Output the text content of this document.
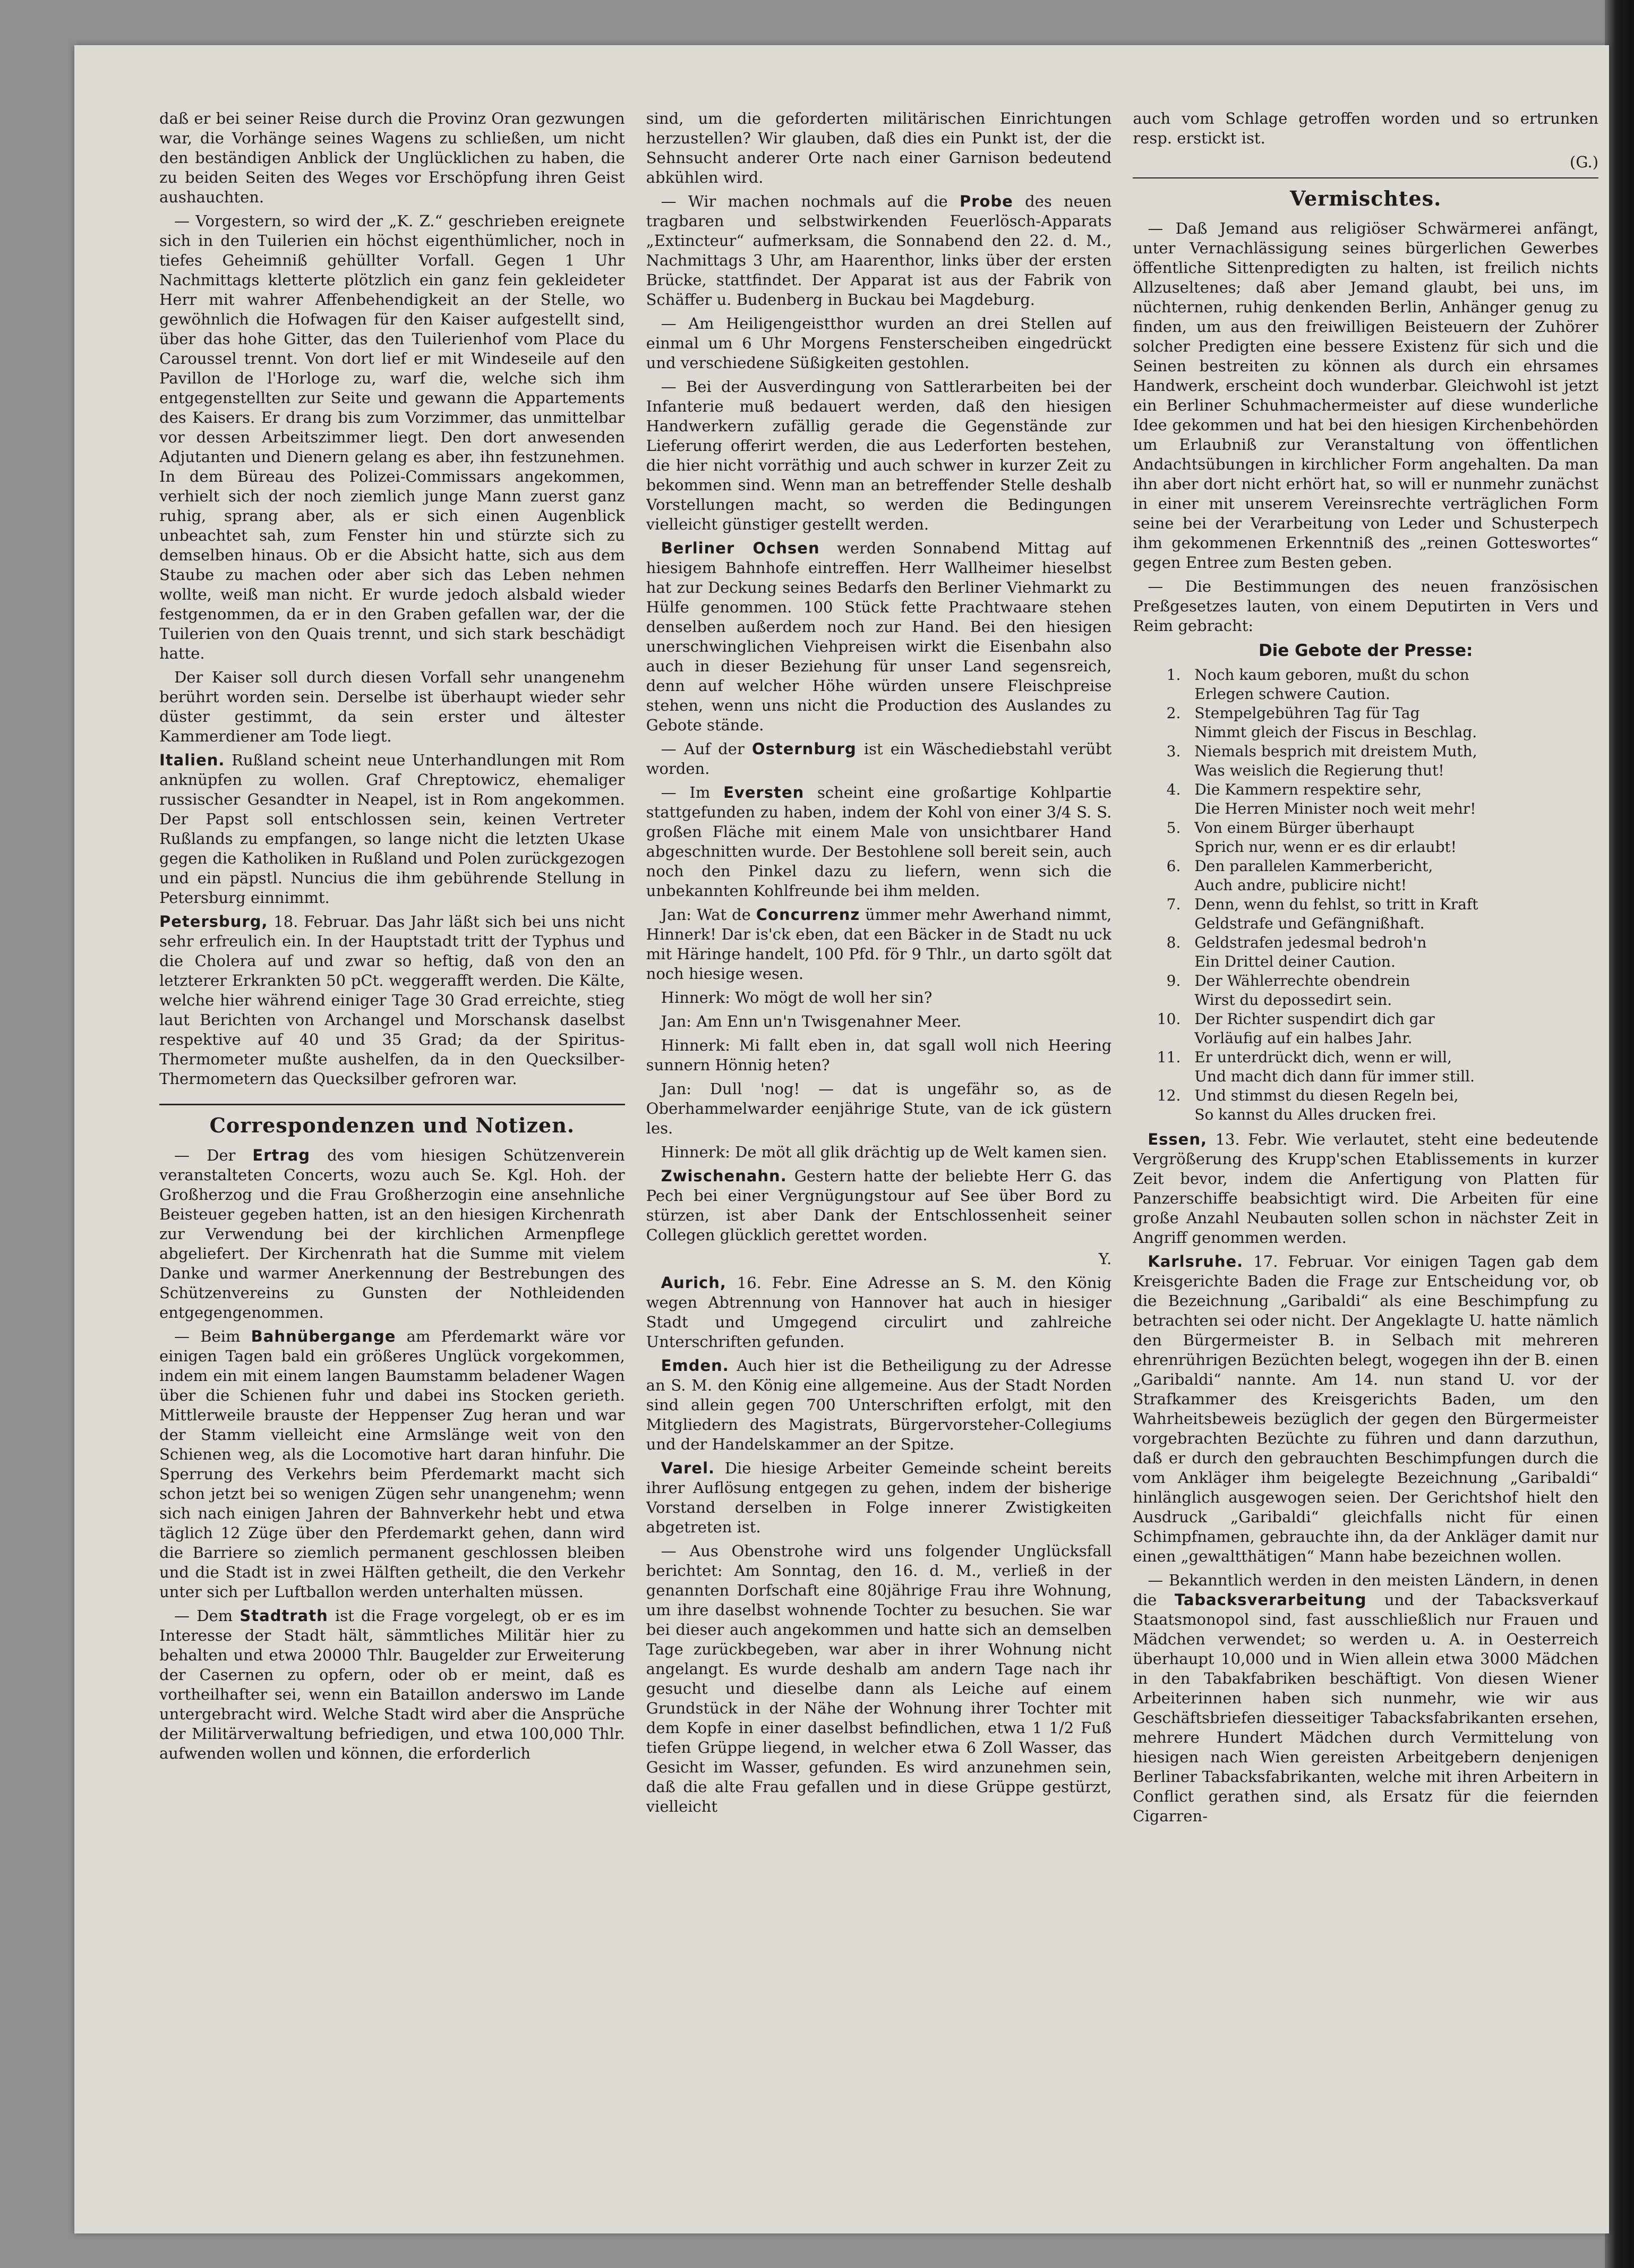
daß er bei seiner Reise durch die Provinz Oran gezwungen war, die Vorhänge seines Wagens zu schließen, um nicht den beständigen Anblick der Unglücklichen zu haben, die zu beiden Seiten des Weges vor Erschöpfung ihren Geist aushauchten.

— Vorgestern, so wird der „K. Z.“ geschrieben ereignete sich in den Tuilerien ein höchst eigenthümlicher, noch in tiefes Geheimniß gehüllter Vorfall. Gegen 1 Uhr Nachmittags kletterte plötzlich ein ganz fein gekleideter Herr mit wahrer Affenbehendigkeit an der Stelle, wo gewöhnlich die Hofwagen für den Kaiser aufgestellt sind, über das hohe Gitter, das den Tuilerienhof vom Place du Caroussel trennt. Von dort lief er mit Windeseile auf den Pavillon de l'Horloge zu, warf die, welche sich ihm entgegenstellten zur Seite und gewann die Appartements des Kaisers. Er drang bis zum Vorzimmer, das unmittelbar vor dessen Arbeitszimmer liegt. Den dort anwesenden Adjutanten und Dienern gelang es aber, ihn festzunehmen. In dem Büreau des Polizei-Commissars angekommen, verhielt sich der noch ziemlich junge Mann zuerst ganz ruhig, sprang aber, als er sich einen Augenblick unbeachtet sah, zum Fenster hin und stürzte sich zu demselben hinaus. Ob er die Absicht hatte, sich aus dem Staube zu machen oder aber sich das Leben nehmen wollte, weiß man nicht. Er wurde jedoch alsbald wieder festgenommen, da er in den Graben gefallen war, der die Tuilerien von den Quais trennt, und sich stark beschädigt hatte.

Der Kaiser soll durch diesen Vorfall sehr unangenehm berührt worden sein. Derselbe ist überhaupt wieder sehr düster gestimmt, da sein erster und ältester Kammerdiener am Tode liegt.

Italien. Rußland scheint neue Unterhandlungen mit Rom anknüpfen zu wollen. Graf Chreptowicz, ehemaliger russischer Gesandter in Neapel, ist in Rom angekommen. Der Papst soll entschlossen sein, keinen Vertreter Rußlands zu empfangen, so lange nicht die letzten Ukase gegen die Katholiken in Rußland und Polen zurückgezogen und ein päpstl. Nuncius die ihm gebührende Stellung in Petersburg einnimmt.

Petersburg, 18. Februar. Das Jahr läßt sich bei uns nicht sehr erfreulich ein. In der Hauptstadt tritt der Typhus und die Cholera auf und zwar so heftig, daß von den an letzterer Erkrankten 50 pCt. weggerafft werden. Die Kälte, welche hier während einiger Tage 30 Grad erreichte, stieg laut Berichten von Archangel und Morschansk daselbst respektive auf 40 und 35 Grad; da der Spiritus-Thermometer mußte aushelfen, da in den Quecksilber-Thermometern das Quecksilber gefroren war.

Correspondenzen und Notizen.

— Der Ertrag des vom hiesigen Schützenverein veranstalteten Concerts, wozu auch Se. Kgl. Hoh. der Großherzog und die Frau Großherzogin eine ansehnliche Beisteuer gegeben hatten, ist an den hiesigen Kirchenrath zur Verwendung bei der kirchlichen Armenpflege abgeliefert. Der Kirchenrath hat die Summe mit vielem Danke und warmer Anerkennung der Bestrebungen des Schützenvereins zu Gunsten der Nothleidenden entgegengenommen.

— Beim Bahnübergange am Pferdemarkt wäre vor einigen Tagen bald ein größeres Unglück vorgekommen, indem ein mit einem langen Baumstamm beladener Wagen über die Schienen fuhr und dabei ins Stocken gerieth. Mittlerweile brauste der Heppenser Zug heran und war der Stamm vielleicht eine Armslänge weit von den Schienen weg, als die Locomotive hart daran hinfuhr. Die Sperrung des Verkehrs beim Pferdemarkt macht sich schon jetzt bei so wenigen Zügen sehr unangenehm; wenn sich nach einigen Jahren der Bahnverkehr hebt und etwa täglich 12 Züge über den Pferdemarkt gehen, dann wird die Barriere so ziemlich permanent geschlossen bleiben und die Stadt ist in zwei Hälften getheilt, die den Verkehr unter sich per Luftballon werden unterhalten müssen.

— Dem Stadtrath ist die Frage vorgelegt, ob er es im Interesse der Stadt hält, sämmtliches Militär hier zu behalten und etwa 20000 Thlr. Baugelder zur Erweiterung der Casernen zu opfern, oder ob er meint, daß es vortheilhafter sei, wenn ein Bataillon anderswo im Lande untergebracht wird. Welche Stadt wird aber die Ansprüche der Militärverwaltung befriedigen, und etwa 100,000 Thlr. aufwenden wollen und können, die erforderlich

sind, um die geforderten militärischen Einrichtungen herzustellen? Wir glauben, daß dies ein Punkt ist, der die Sehnsucht anderer Orte nach einer Garnison bedeutend abkühlen wird.

— Wir machen nochmals auf die Probe des neuen tragbaren und selbstwirkenden Feuerlösch-Apparats „Extincteur“ aufmerksam, die Sonnabend den 22. d. M., Nachmittags 3 Uhr, am Haarenthor, links über der ersten Brücke, stattfindet. Der Apparat ist aus der Fabrik von Schäffer u. Budenberg in Buckau bei Magdeburg.

— Am Heiligengeistthor wurden an drei Stellen auf einmal um 6 Uhr Morgens Fensterscheiben eingedrückt und verschiedene Süßigkeiten gestohlen.

— Bei der Ausverdingung von Sattlerarbeiten bei der Infanterie muß bedauert werden, daß den hiesigen Handwerkern zufällig gerade die Gegenstände zur Lieferung offerirt werden, die aus Lederforten bestehen, die hier nicht vorräthig und auch schwer in kurzer Zeit zu bekommen sind. Wenn man an betreffender Stelle deshalb Vorstellungen macht, so werden die Bedingungen vielleicht günstiger gestellt werden.

Berliner Ochsen werden Sonnabend Mittag auf hiesigem Bahnhofe eintreffen. Herr Wallheimer hieselbst hat zur Deckung seines Bedarfs den Berliner Viehmarkt zu Hülfe genommen. 100 Stück fette Prachtwaare stehen denselben außerdem noch zur Hand. Bei den hiesigen unerschwinglichen Viehpreisen wirkt die Eisenbahn also auch in dieser Beziehung für unser Land segensreich, denn auf welcher Höhe würden unsere Fleischpreise stehen, wenn uns nicht die Production des Auslandes zu Gebote stände.

— Auf der Osternburg ist ein Wäschediebstahl verübt worden.

— Im Eversten scheint eine großartige Kohlpartie stattgefunden zu haben, indem der Kohl von einer 3/4 S. S. großen Fläche mit einem Male von unsichtbarer Hand abgeschnitten wurde. Der Bestohlene soll bereit sein, auch noch den Pinkel dazu zu liefern, wenn sich die unbekannten Kohlfreunde bei ihm melden.

Jan: Wat de Concurrenz ümmer mehr Awerhand nimmt, Hinnerk! Dar is'ck eben, dat een Bäcker in de Stadt nu uck mit Häringe handelt, 100 Pfd. för 9 Thlr., un darto sgölt dat noch hiesige wesen.

Hinnerk: Wo mögt de woll her sin?

Jan: Am Enn un'n Twisgenahner Meer.

Hinnerk: Mi fallt eben in, dat sgall woll nich Heering sunnern Hönnig heten?

Jan: Dull 'nog! — dat is ungefähr so, as de Oberhammelwarder eenjährige Stute, van de ick güstern les.

Hinnerk: De möt all glik drächtig up de Welt kamen sien.

Zwischenahn. Gestern hatte der beliebte Herr G. das Pech bei einer Vergnügungstour auf See über Bord zu stürzen, ist aber Dank der Entschlossenheit seiner Collegen glücklich gerettet worden.

Y.

Aurich, 16. Febr. Eine Adresse an S. M. den König wegen Abtrennung von Hannover hat auch in hiesiger Stadt und Umgegend circulirt und zahlreiche Unterschriften gefunden.

Emden. Auch hier ist die Betheiligung zu der Adresse an S. M. den König eine allgemeine. Aus der Stadt Norden sind allein gegen 700 Unterschriften erfolgt, mit den Mitgliedern des Magistrats, Bürgervorsteher-Collegiums und der Handelskammer an der Spitze.

Varel. Die hiesige Arbeiter Gemeinde scheint bereits ihrer Auflösung entgegen zu gehen, indem der bisherige Vorstand derselben in Folge innerer Zwistigkeiten abgetreten ist.

— Aus Obenstrohe wird uns folgender Unglücksfall berichtet: Am Sonntag, den 16. d. M., verließ in der genannten Dorfschaft eine 80jährige Frau ihre Wohnung, um ihre daselbst wohnende Tochter zu besuchen. Sie war bei dieser auch angekommen und hatte sich an demselben Tage zurückbegeben, war aber in ihrer Wohnung nicht angelangt. Es wurde deshalb am andern Tage nach ihr gesucht und dieselbe dann als Leiche auf einem Grundstück in der Nähe der Wohnung ihrer Tochter mit dem Kopfe in einer daselbst befindlichen, etwa 1 1/2 Fuß tiefen Grüppe liegend, in welcher etwa 6 Zoll Wasser, das Gesicht im Wasser, gefunden. Es wird anzunehmen sein, daß die alte Frau gefallen und in diese Grüppe gestürzt, vielleicht

auch vom Schlage getroffen worden und so ertrunken resp. erstickt ist.

(G.)

Vermischtes.

— Daß Jemand aus religiöser Schwärmerei anfängt, unter Vernachlässigung seines bürgerlichen Gewerbes öffentliche Sittenpredigten zu halten, ist freilich nichts Allzuseltenes; daß aber Jemand glaubt, bei uns, im nüchternen, ruhig denkenden Berlin, Anhänger genug zu finden, um aus den freiwilligen Beisteuern der Zuhörer solcher Predigten eine bessere Existenz für sich und die Seinen bestreiten zu können als durch ein ehrsames Handwerk, erscheint doch wunderbar. Gleichwohl ist jetzt ein Berliner Schuhmachermeister auf diese wunderliche Idee gekommen und hat bei den hiesigen Kirchenbehörden um Erlaubniß zur Veranstaltung von öffentlichen Andachtsübungen in kirchlicher Form angehalten. Da man ihn aber dort nicht erhört hat, so will er nunmehr zunächst in einer mit unserem Vereinsrechte verträglichen Form seine bei der Verarbeitung von Leder und Schusterpech ihm gekommenen Erkenntniß des „reinen Gotteswortes“ gegen Entree zum Besten geben.

— Die Bestimmungen des neuen französischen Preßgesetzes lauten, von einem Deputirten in Vers und Reim gebracht:

Die Gebote der Presse:
1. Noch kaum geboren, mußt du schon
Erlegen schwere Caution.
2. Stempelgebühren Tag für Tag
Nimmt gleich der Fiscus in Beschlag.
3. Niemals besprich mit dreistem Muth,
Was weislich die Regierung thut!
4. Die Kammern respektire sehr,
Die Herren Minister noch weit mehr!
5. Von einem Bürger überhaupt
Sprich nur, wenn er es dir erlaubt!
6. Den parallelen Kammerbericht,
Auch andre, publicire nicht!
7. Denn, wenn du fehlst, so tritt in Kraft
Geldstrafe und Gefängnißhaft.
8. Geldstrafen jedesmal bedroh'n
Ein Drittel deiner Caution.
9. Der Wählerrechte obendrein
Wirst du depossedirt sein.
10. Der Richter suspendirt dich gar
Vorläufig auf ein halbes Jahr.
11. Er unterdrückt dich, wenn er will,
Und macht dich dann für immer still.
12. Und stimmst du diesen Regeln bei,
So kannst du Alles drucken frei.

Essen, 13. Febr. Wie verlautet, steht eine bedeutende Vergrößerung des Krupp'schen Etablissements in kurzer Zeit bevor, indem die Anfertigung von Platten für Panzerschiffe beabsichtigt wird. Die Arbeiten für eine große Anzahl Neubauten sollen schon in nächster Zeit in Angriff genommen werden.

Karlsruhe. 17. Februar. Vor einigen Tagen gab dem Kreisgerichte Baden die Frage zur Entscheidung vor, ob die Bezeichnung „Garibaldi“ als eine Beschimpfung zu betrachten sei oder nicht. Der Angeklagte U. hatte nämlich den Bürgermeister B. in Selbach mit mehreren ehrenrührigen Bezüchten belegt, wogegen ihn der B. einen „Garibaldi“ nannte. Am 14. nun stand U. vor der Strafkammer des Kreisgerichts Baden, um den Wahrheitsbeweis bezüglich der gegen den Bürgermeister vorgebrachten Bezüchte zu führen und dann darzuthun, daß er durch den gebrauchten Beschimpfungen durch die vom Ankläger ihm beigelegte Bezeichnung „Garibaldi“ hinlänglich ausgewogen seien. Der Gerichtshof hielt den Ausdruck „Garibaldi“ gleichfalls nicht für einen Schimpfnamen, gebrauchte ihn, da der Ankläger damit nur einen „gewaltthätigen“ Mann habe bezeichnen wollen.

— Bekanntlich werden in den meisten Ländern, in denen die Tabacksverarbeitung und der Tabacksverkauf Staatsmonopol sind, fast ausschließlich nur Frauen und Mädchen verwendet; so werden u. A. in Oesterreich überhaupt 10,000 und in Wien allein etwa 3000 Mädchen in den Tabakfabriken beschäftigt. Von diesen Wiener Arbeiterinnen haben sich nunmehr, wie wir aus Geschäftsbriefen diesseitiger Tabacksfabrikanten ersehen, mehrere Hundert Mädchen durch Vermittelung von hiesigen nach Wien gereisten Arbeitgebern denjenigen Berliner Tabacksfabrikanten, welche mit ihren Arbeitern in Conflict gerathen sind, als Ersatz für die feiernden Cigarren-
